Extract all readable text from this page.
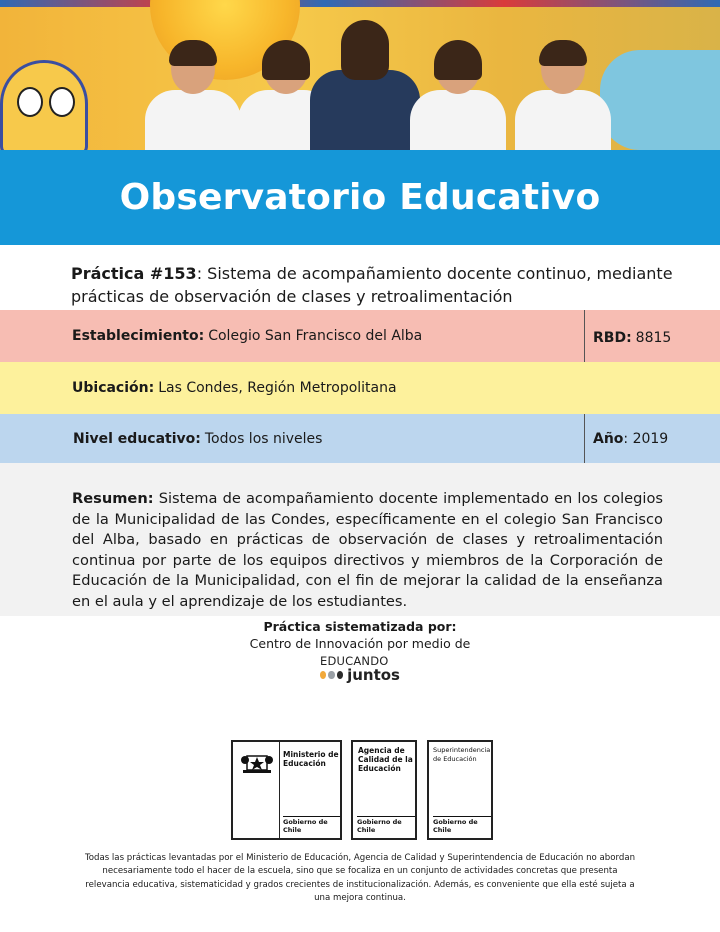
Observatorio Educativo
Práctica #153: Sistema de acompañamiento docente continuo, mediante prácticas de observación de clases y retroalimentación
Establecimiento: Colegio San Francisco del Alba	RBD: 8815
Ubicación: Las Condes, Región Metropolitana
Nivel educativo: Todos los niveles	Año : 2019
Resumen: Sistema de acompañamiento docente implementado en los colegios de la Municipalidad de las Condes, específicamente en el colegio San Francisco del Alba, basado en prácticas de observación de clases y retroalimentación continua por parte de los equipos directivos y miembros de la Corporación de Educación de la Municipalidad, con el fin de mejorar la calidad de la enseñanza en el aula y el aprendizaje de los estudiantes.
Práctica sistematizada por:
Centro de Innovación por medio de
EDUCANDO
juntos
Ministerio de Educación
Gobierno de Chile
Agencia de Calidad de la Educación
Gobierno de Chile
Superintendencia de Educación
Gobierno de Chile
Todas las prácticas levantadas por el Ministerio de Educación, Agencia de Calidad y Superintendencia de Educación no abordan necesariamente todo el hacer de la escuela, sino que se focaliza en un conjunto de actividades concretas que presenta relevancia educativa, sistematicidad y grados crecientes de institucionalización. Además, es conveniente que ella esté sujeta a una mejora continua.
